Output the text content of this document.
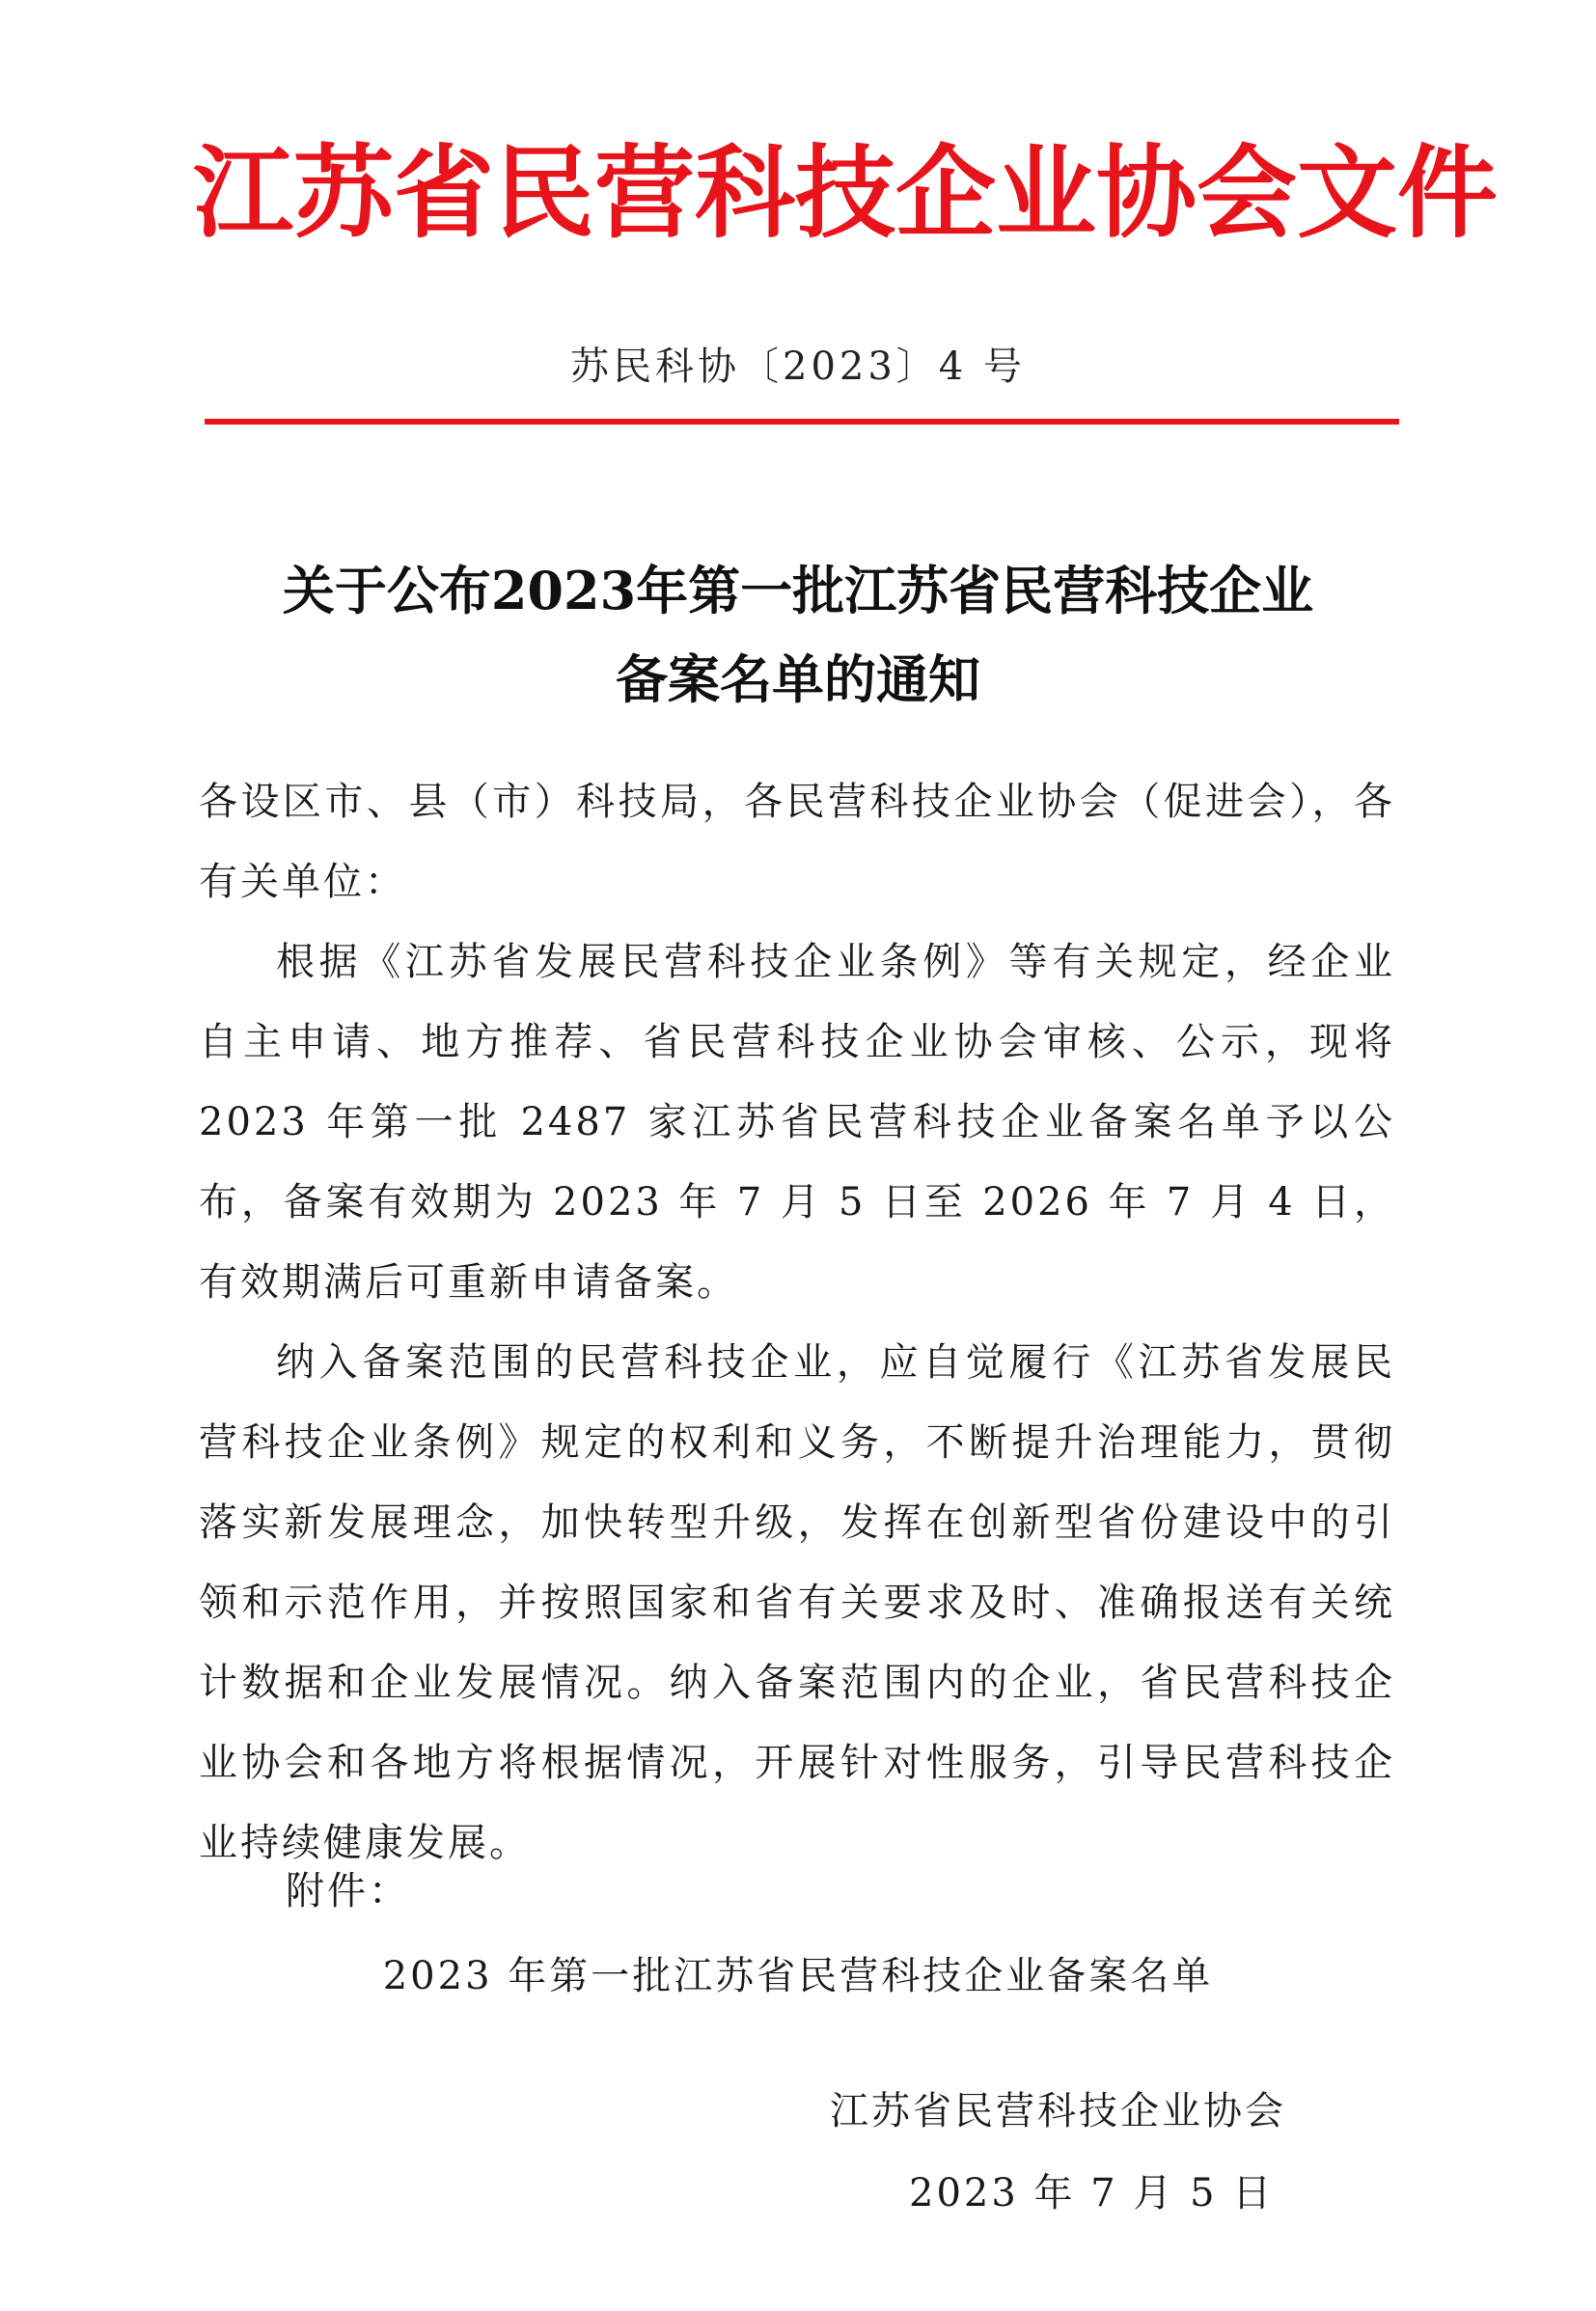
江苏省民营科技企业协会文件
苏民科协〔2023〕4 号
关于公布2023年第一批江苏省民营科技企业
备案名单的通知

各设区市、县（市）科技局，各民营科技企业协会（促进会），各有关单位：

根据《江苏省发展民营科技企业条例》等有关规定，经企业自主申请、地方推荐、省民营科技企业协会审核、公示，现将2023 年第一批 2487 家江苏省民营科技企业备案名单予以公布，备案有效期为 2023 年 7 月 5 日至 2026 年 7 月 4 日，有效期满后可重新申请备案。

纳入备案范围的民营科技企业，应自觉履行《江苏省发展民营科技企业条例》规定的权利和义务，不断提升治理能力，贯彻落实新发展理念，加快转型升级，发挥在创新型省份建设中的引领和示范作用，并按照国家和省有关要求及时、准确报送有关统计数据和企业发展情况。纳入备案范围内的企业，省民营科技企业协会和各地方将根据情况，开展针对性服务，引导民营科技企业持续健康发展。

附件：
2023 年第一批江苏省民营科技企业备案名单
江苏省民营科技企业协会
2023 年 7 月 5 日
